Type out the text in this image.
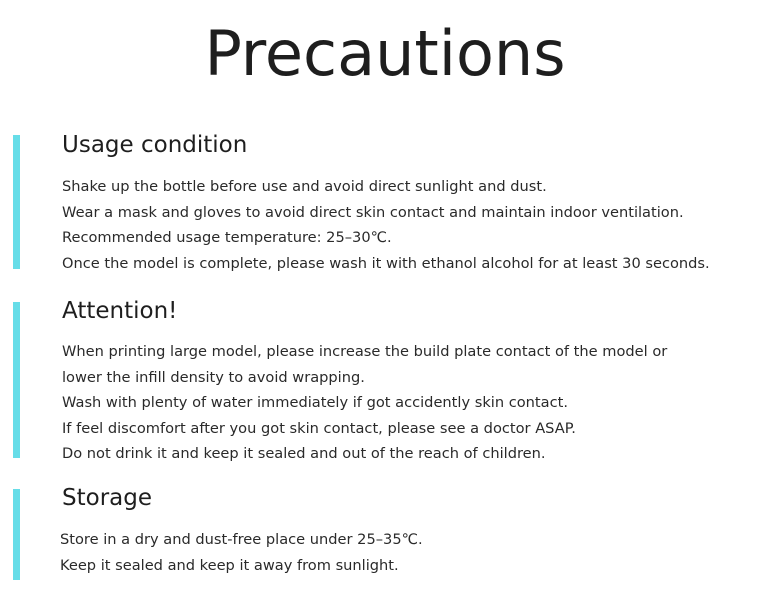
Precautions
Usage condition
Shake up the bottle before use and avoid direct sunlight and dust.
Wear a mask and gloves to avoid direct skin contact and maintain indoor ventilation.
Recommended usage temperature: 25–30℃.
Once the model is complete, please wash it with ethanol alcohol for at least 30 seconds.
Attention!
When printing large model, please increase the build plate contact of the model or
lower the infill density to avoid wrapping.
Wash with plenty of water immediately if got accidently skin contact.
If feel discomfort after you got skin contact, please see a doctor ASAP.
Do not drink it and keep it sealed and out of the reach of children.
Storage
Store in a dry and dust-free place under 25–35℃.
Keep it sealed and keep it away from sunlight.
